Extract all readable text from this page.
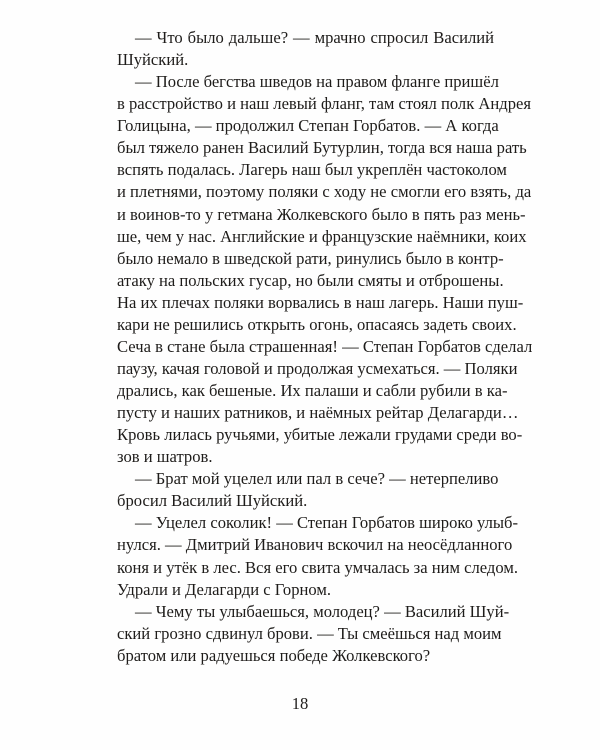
— Что было дальше? — мрачно спросил Василий
Шуйский.
— После бегства шведов на правом фланге пришёл
в расстройство и наш левый фланг, там стоял полк Андрея
Голицына, — продолжил Степан Горбатов. — А когда
был тяжело ранен Василий Бутурлин, тогда вся наша рать
вспять подалась. Лагерь наш был укреплён частоколом
и плетнями, поэтому поляки с ходу не смогли его взять, да
и воинов-то у гетмана Жолкевского было в пять раз мень-
ше, чем у нас. Английские и французские наёмники, коих
было немало в шведской рати, ринулись было в контр-
атаку на польских гусар, но были смяты и отброшены.
На их плечах поляки ворвались в наш лагерь. Наши пуш-
кари не решились открыть огонь, опасаясь задеть своих.
Сеча в стане была страшенная! — Степан Горбатов сделал
паузу, качая головой и продолжая усмехаться. — Поляки
дрались, как бешеные. Их палаши и сабли рубили в ка-
пусту и наших ратников, и наёмных рейтар Делагарди…
Кровь лилась ручьями, убитые лежали грудами среди во-
зов и шатров.
— Брат мой уцелел или пал в сече? — нетерпеливо
бросил Василий Шуйский.
— Уцелел соколик! — Степан Горбатов широко улыб-
нулся. — Дмитрий Иванович вскочил на неосёдланного
коня и утёк в лес. Вся его свита умчалась за ним следом.
Удрали и Делагарди с Горном.
— Чему ты улыбаешься, молодец? — Василий Шуй-
ский грозно сдвинул брови. — Ты смеёшься над моим
братом или радуешься победе Жолкевского?
18
